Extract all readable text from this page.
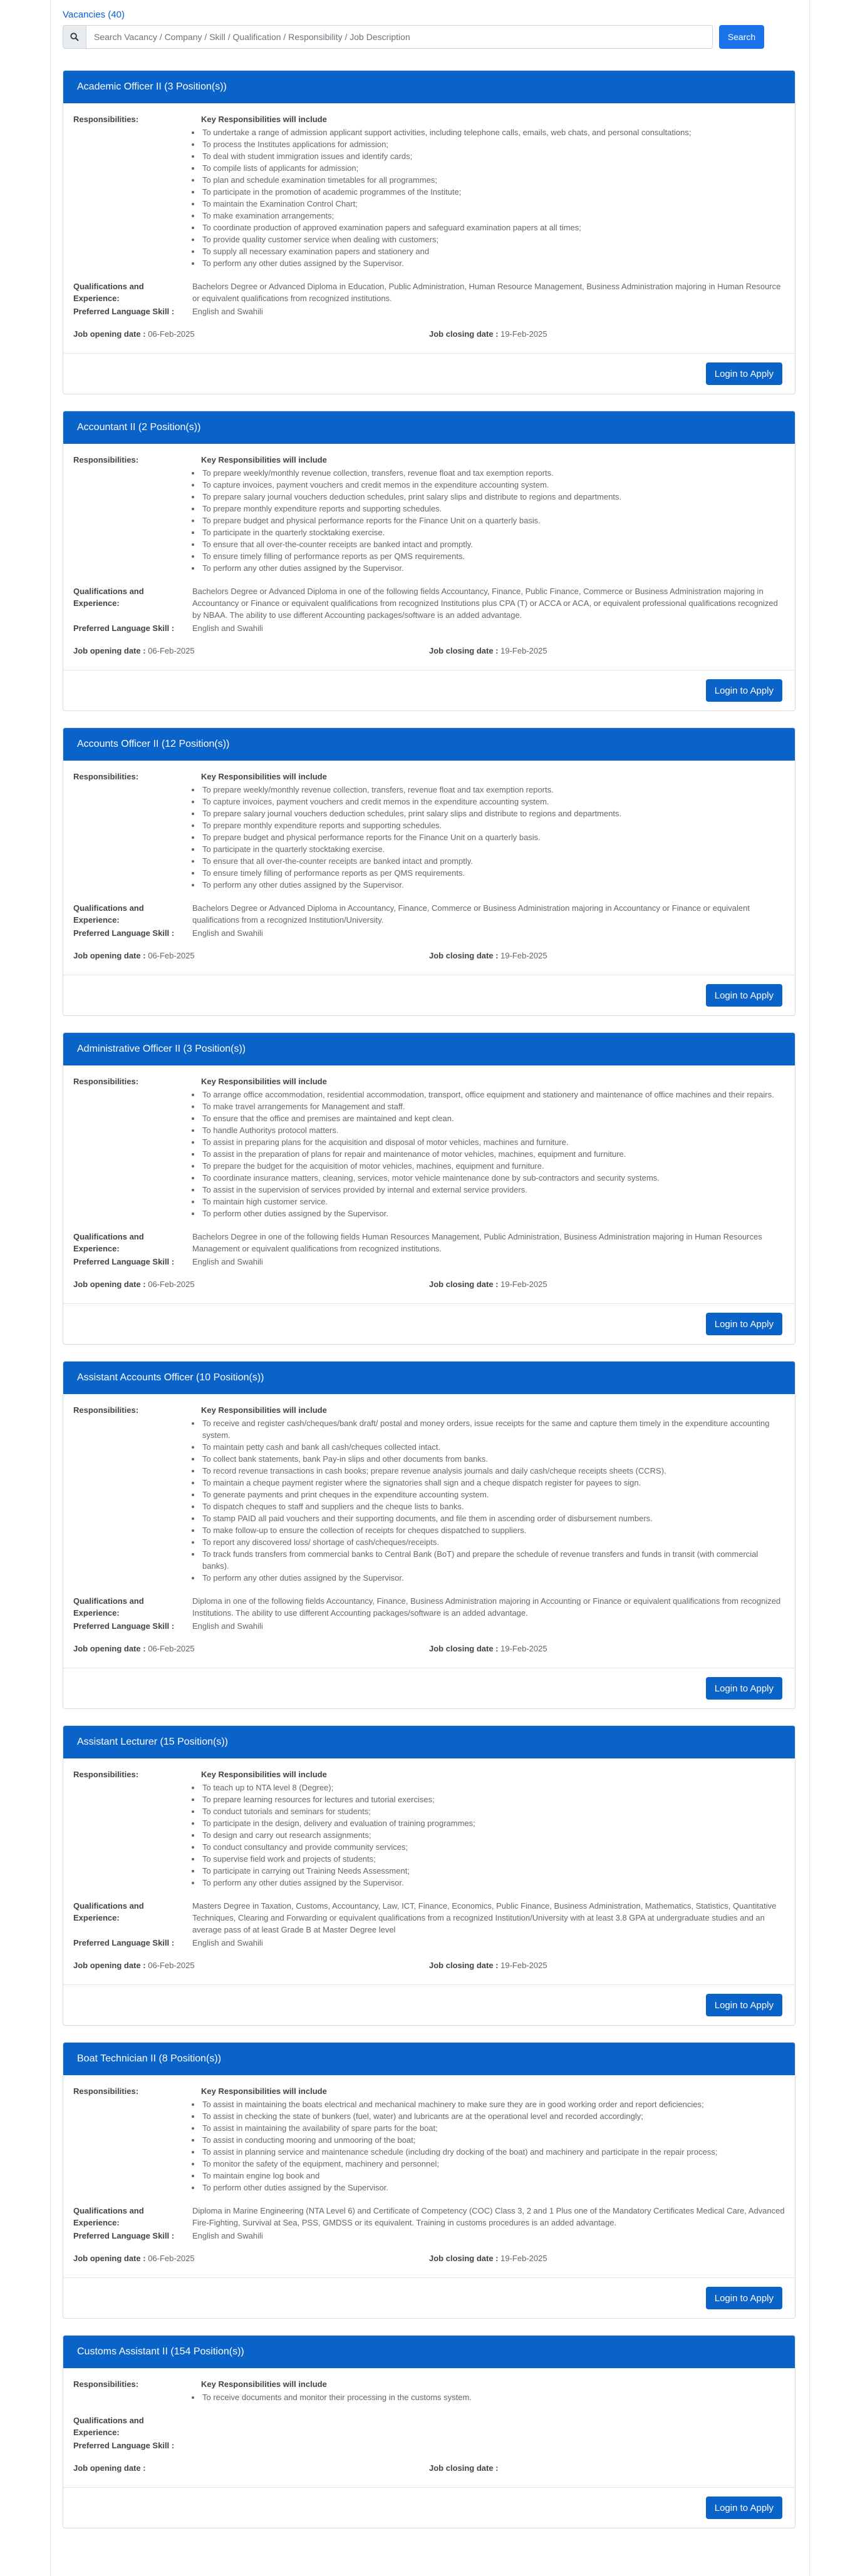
Vacancies (40)
Search Vacancy / Company / Skill / Qualification / Responsibility / Job Description
Search
Academic Officer II (3 Position(s))
Responsibilities:	Key Responsibilities will include
• To undertake a range of admission applicant support activities, including telephone calls, emails, web chats, and personal consultations;
• To process the Institutes applications for admission;
• To deal with student immigration issues and identify cards;
• To compile lists of applicants for admission;
• To plan and schedule examination timetables for all programmes;
• To participate in the promotion of academic programmes of the Institute;
• To maintain the Examination Control Chart;
• To make examination arrangements;
• To coordinate production of approved examination papers and safeguard examination papers at all times;
• To provide quality customer service when dealing with customers;
• To supply all necessary examination papers and stationery and
• To perform any other duties assigned by the Supervisor.
Qualifications and Experience:
Bachelors Degree or Advanced Diploma in Education, Public Administration, Human Resource Management, Business Administration majoring in Human Resource or equivalent qualifications from recognized institutions.
Preferred Language Skill :	English and Swahili
Job opening date : 06-Feb-2025	Job closing date : 19-Feb-2025
Login to Apply
Accountant II (2 Position(s))
Responsibilities:	Key Responsibilities will include
• To prepare weekly/monthly revenue collection, transfers, revenue float and tax exemption reports.
• To capture invoices, payment vouchers and credit memos in the expenditure accounting system.
• To prepare salary journal vouchers deduction schedules, print salary slips and distribute to regions and departments.
• To prepare monthly expenditure reports and supporting schedules.
• To prepare budget and physical performance reports for the Finance Unit on a quarterly basis.
• To participate in the quarterly stocktaking exercise.
• To ensure that all over-the-counter receipts are banked intact and promptly.
• To ensure timely filling of performance reports as per QMS requirements.
• To perform any other duties assigned by the Supervisor.
Qualifications and Experience:
Bachelors Degree or Advanced Diploma in one of the following fields Accountancy, Finance, Public Finance, Commerce or Business Administration majoring in Accountancy or Finance or equivalent qualifications from recognized Institutions plus CPA (T) or ACCA or ACA, or equivalent professional qualifications recognized by NBAA. The ability to use different Accounting packages/software is an added advantage.
Preferred Language Skill :	English and Swahili
Job opening date : 06-Feb-2025	Job closing date : 19-Feb-2025
Login to Apply
Accounts Officer II (12 Position(s))
Responsibilities:	Key Responsibilities will include
• To prepare weekly/monthly revenue collection, transfers, revenue float and tax exemption reports.
• To capture invoices, payment vouchers and credit memos in the expenditure accounting system.
• To prepare salary journal vouchers deduction schedules, print salary slips and distribute to regions and departments.
• To prepare monthly expenditure reports and supporting schedules.
• To prepare budget and physical performance reports for the Finance Unit on a quarterly basis.
• To participate in the quarterly stocktaking exercise.
• To ensure that all over-the-counter receipts are banked intact and promptly.
• To ensure timely filling of performance reports as per QMS requirements.
• To perform any other duties assigned by the Supervisor.
Qualifications and Experience:
Bachelors Degree or Advanced Diploma in Accountancy, Finance, Commerce or Business Administration majoring in Accountancy or Finance or equivalent qualifications from a recognized Institution/University.
Preferred Language Skill :	English and Swahili
Job opening date : 06-Feb-2025	Job closing date : 19-Feb-2025
Login to Apply
Administrative Officer II (3 Position(s))
Responsibilities:	Key Responsibilities will include
• To arrange office accommodation, residential accommodation, transport, office equipment and stationery and maintenance of office machines and their repairs.
• To make travel arrangements for Management and staff.
• To ensure that the office and premises are maintained and kept clean.
• To handle Authoritys protocol matters.
• To assist in preparing plans for the acquisition and disposal of motor vehicles, machines and furniture.
• To assist in the preparation of plans for repair and maintenance of motor vehicles, machines, equipment and furniture.
• To prepare the budget for the acquisition of motor vehicles, machines, equipment and furniture.
• To coordinate insurance matters, cleaning, services, motor vehicle maintenance done by sub-contractors and security systems.
• To assist in the supervision of services provided by internal and external service providers.
• To maintain high customer service.
• To perform other duties assigned by the Supervisor.
Qualifications and Experience:
Bachelors Degree in one of the following fields Human Resources Management, Public Administration, Business Administration majoring in Human Resources Management or equivalent qualifications from recognized institutions.
Preferred Language Skill :	English and Swahili
Job opening date : 06-Feb-2025	Job closing date : 19-Feb-2025
Login to Apply
Assistant Accounts Officer (10 Position(s))
Responsibilities:	Key Responsibilities will include
• To receive and register cash/cheques/bank draft/ postal and money orders, issue receipts for the same and capture them timely in the expenditure accounting system.
• To maintain petty cash and bank all cash/cheques collected intact.
• To collect bank statements, bank Pay-in slips and other documents from banks.
• To record revenue transactions in cash books; prepare revenue analysis journals and daily cash/cheque receipts sheets (CCRS).
• To maintain a cheque payment register where the signatories shall sign and a cheque dispatch register for payees to sign.
• To generate payments and print cheques in the expenditure accounting system.
• To dispatch cheques to staff and suppliers and the cheque lists to banks.
• To stamp PAID all paid vouchers and their supporting documents, and file them in ascending order of disbursement numbers.
• To make follow-up to ensure the collection of receipts for cheques dispatched to suppliers.
• To report any discovered loss/ shortage of cash/cheques/receipts.
• To track funds transfers from commercial banks to Central Bank (BoT) and prepare the schedule of revenue transfers and funds in transit (with commercial banks).
• To perform any other duties assigned by the Supervisor.
Qualifications and Experience:
Diploma in one of the following fields Accountancy, Finance, Business Administration majoring in Accounting or Finance or equivalent qualifications from recognized Institutions. The ability to use different Accounting packages/software is an added advantage.
Preferred Language Skill :	English and Swahili
Job opening date : 06-Feb-2025	Job closing date : 19-Feb-2025
Login to Apply
Assistant Lecturer (15 Position(s))
Responsibilities:	Key Responsibilities will include
• To teach up to NTA level 8 (Degree);
• To prepare learning resources for lectures and tutorial exercises;
• To conduct tutorials and seminars for students;
• To participate in the design, delivery and evaluation of training programmes;
• To design and carry out research assignments;
• To conduct consultancy and provide community services;
• To supervise field work and projects of students;
• To participate in carrying out Training Needs Assessment;
• To perform any other duties assigned by the Supervisor.
Qualifications and Experience:
Masters Degree in Taxation, Customs, Accountancy, Law, ICT, Finance, Economics, Public Finance, Business Administration, Mathematics, Statistics, Quantitative Techniques, Clearing and Forwarding or equivalent qualifications from a recognized Institution/University with at least 3.8 GPA at undergraduate studies and an average pass of at least Grade B at Master Degree level
Preferred Language Skill :	English and Swahili
Job opening date : 06-Feb-2025	Job closing date : 19-Feb-2025
Login to Apply
Boat Technician II (8 Position(s))
Responsibilities:	Key Responsibilities will include
• To assist in maintaining the boats electrical and mechanical machinery to make sure they are in good working order and report deficiencies;
• To assist in checking the state of bunkers (fuel, water) and lubricants are at the operational level and recorded accordingly;
• To assist in maintaining the availability of spare parts for the boat;
• To assist in conducting mooring and unmooring of the boat;
• To assist in planning service and maintenance schedule (including dry docking of the boat) and machinery and participate in the repair process;
• To monitor the safety of the equipment, machinery and personnel;
• To maintain engine log book and
• To perform other duties assigned by the Supervisor.
Qualifications and Experience:
Diploma in Marine Engineering (NTA Level 6) and Certificate of Competency (COC) Class 3, 2 and 1 Plus one of the Mandatory Certificates Medical Care, Advanced Fire-Fighting, Survival at Sea, PSS, GMDSS or its equivalent. Training in customs procedures is an added advantage.
Preferred Language Skill :	English and Swahili
Job opening date : 06-Feb-2025	Job closing date : 19-Feb-2025
Login to Apply
Customs Assistant II (154 Position(s))
Responsibilities:	Key Responsibilities will include
• To receive documents and monitor their processing in the customs system.
Qualifications and Experience:
Preferred Language Skill :
Job opening date :	Job closing date :
Login to Apply
